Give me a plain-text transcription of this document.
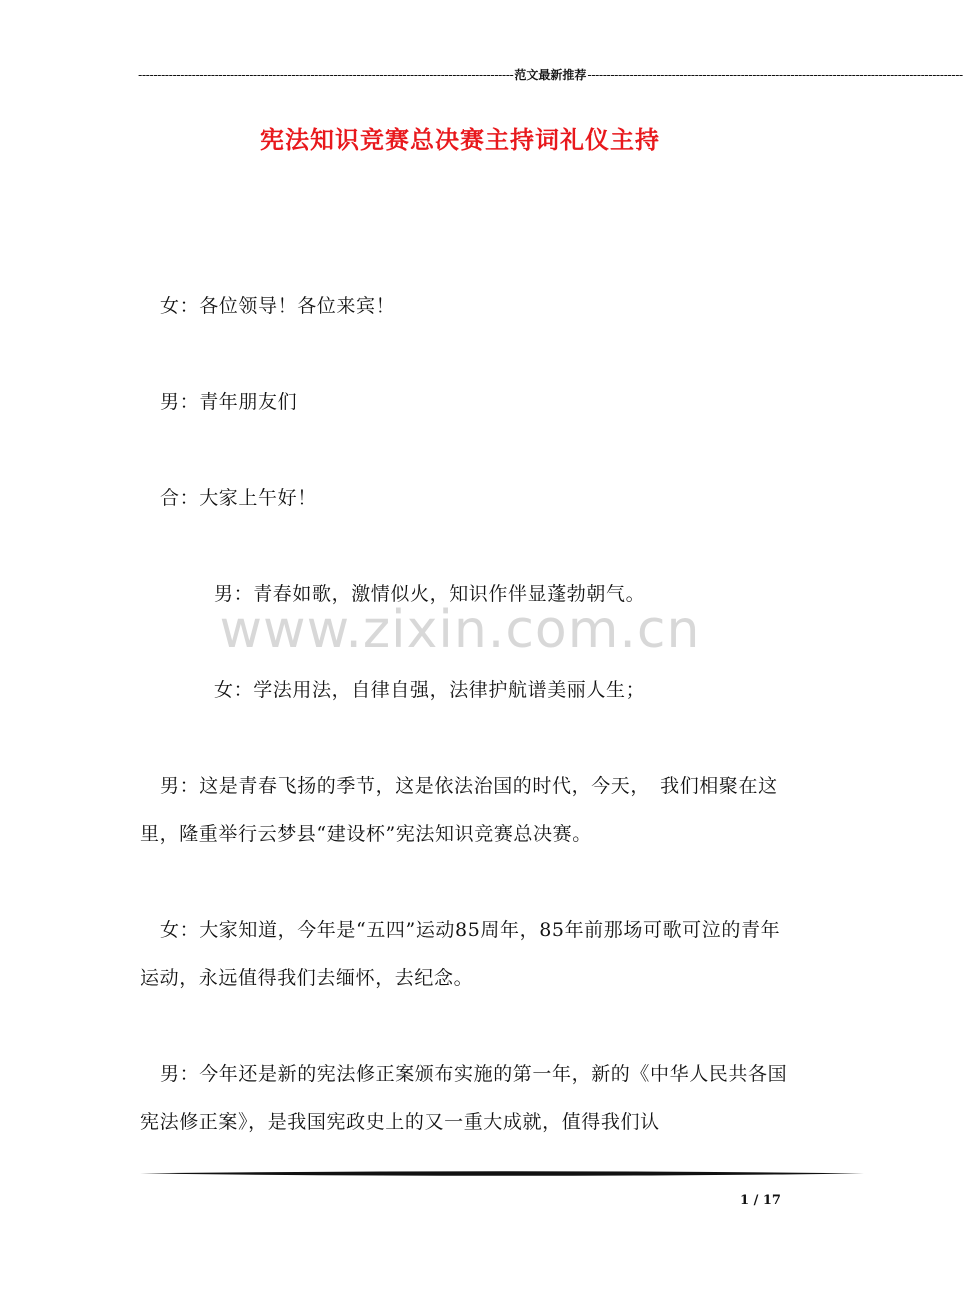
-------------------------------------------------------------------------------------------------- 范文最新推荐 --------------------------------------------------------------------------------------------------
宪法知识竞赛总决赛主持词礼仪主持
www.zixin.com.cn
女：各位领导！各位来宾！
男：青年朋友们
合：大家上午好！
男：青春如歌，激情似火，知识作伴显蓬勃朝气。
女：学法用法，自律自强，法律护航谱美丽人生；
男：这是青春飞扬的季节，这是依法治国的时代，今天，　我们相聚在这里，隆重举行云梦县“建设杯”宪法知识竞赛总决赛。
女：大家知道，今年是“五四”运动85周年，85年前那场可歌可泣的青年运动，永远值得我们去缅怀，去纪念。
男：今年还是新的宪法修正案颁布实施的第一年，新的《中华人民共各国宪法修正案》，是我国宪政史上的又一重大成就，值得我们认
1 / 17
